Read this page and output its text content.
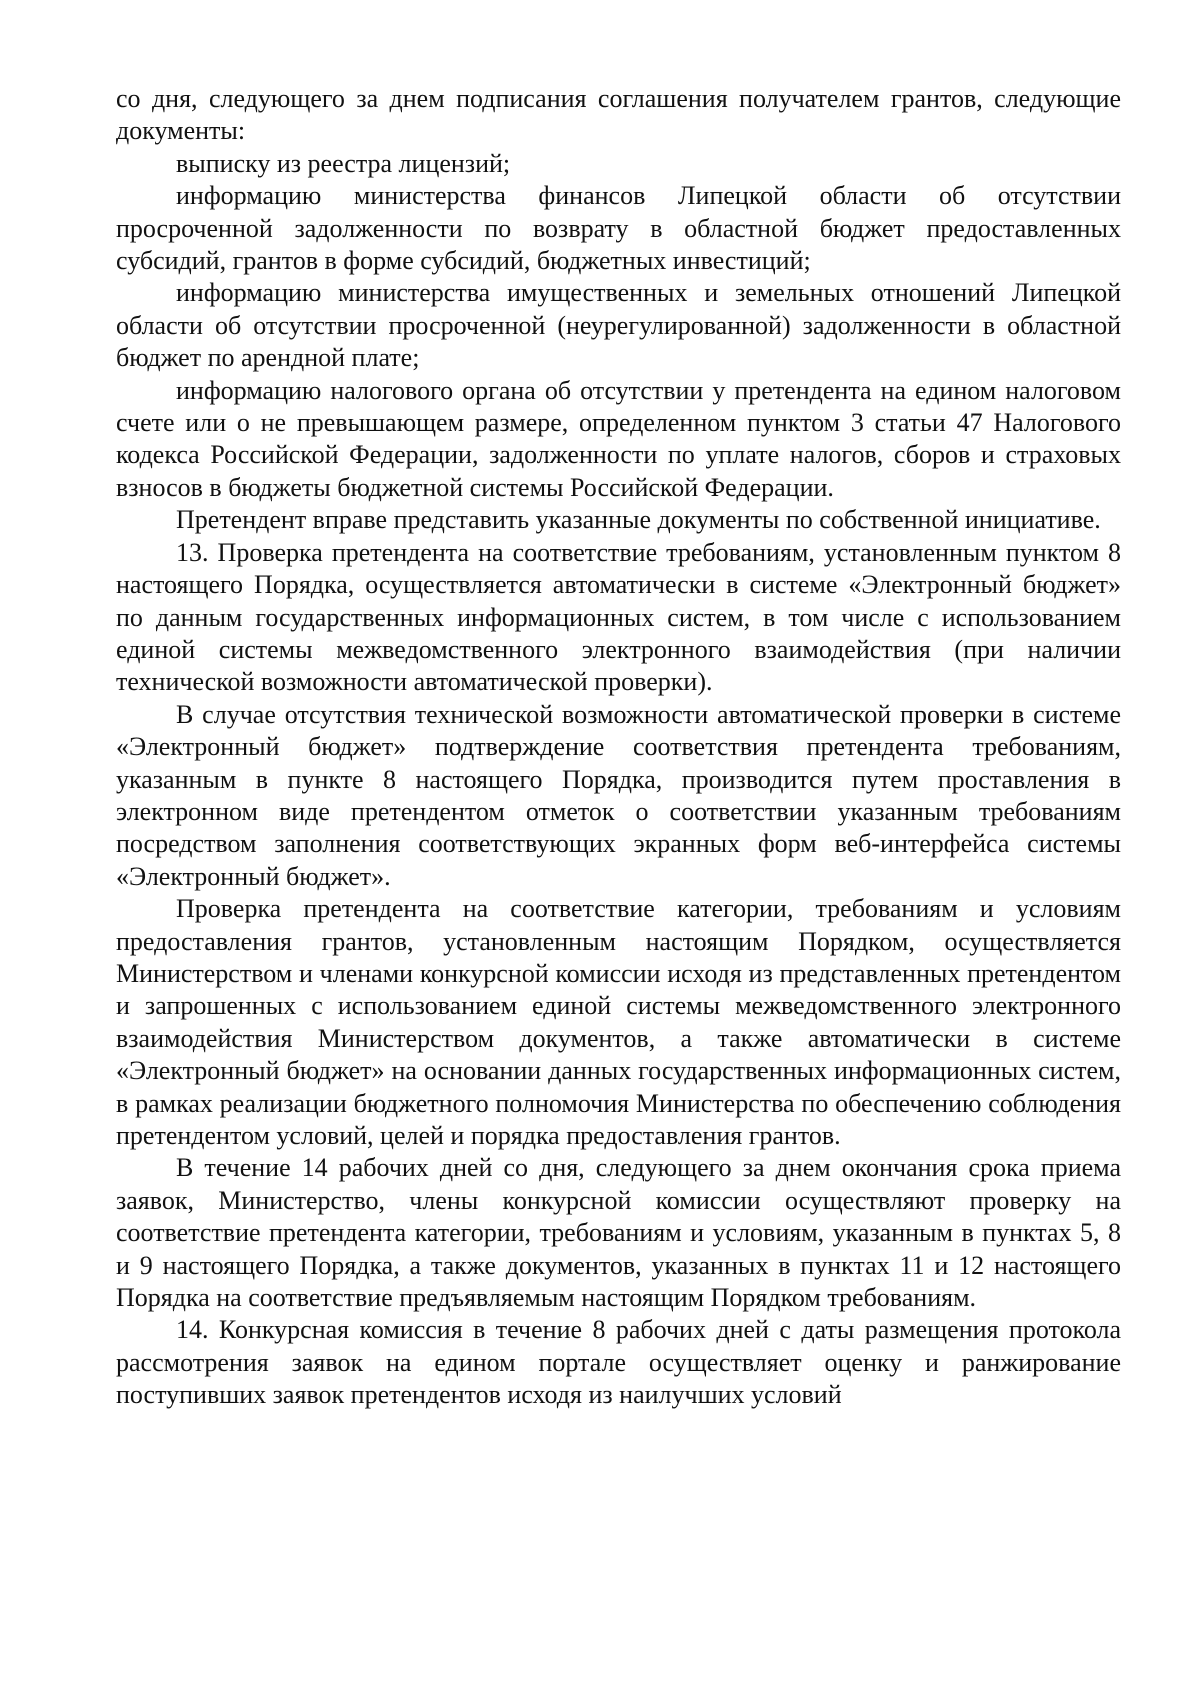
со дня, следующего за днем подписания соглашения получателем грантов, следующие документы:

выписку из реестра лицензий;

информацию министерства финансов Липецкой области об отсутствии просроченной задолженности по возврату в областной бюджет предоставленных субсидий, грантов в форме субсидий, бюджетных инвестиций;

информацию министерства имущественных и земельных отношений Липецкой области об отсутствии просроченной (неурегулированной) задолженности в областной бюджет по арендной плате;

информацию налогового органа об отсутствии у претендента на едином налоговом счете или о не превышающем размере, определенном пунктом 3 статьи 47 Налогового кодекса Российской Федерации, задолженности по уплате налогов, сборов и страховых взносов в бюджеты бюджетной системы Российской Федерации.

Претендент вправе представить указанные документы по собственной инициативе.

13. Проверка претендента на соответствие требованиям, установленным пунктом 8 настоящего Порядка, осуществляется автоматически в системе «Электронный бюджет» по данным государственных информационных систем, в том числе с использованием единой системы межведомственного электронного взаимодействия (при наличии технической возможности автоматической проверки).

В случае отсутствия технической возможности автоматической проверки в системе «Электронный бюджет» подтверждение соответствия претендента требованиям, указанным в пункте 8 настоящего Порядка, производится путем проставления в электронном виде претендентом отметок о соответствии указанным требованиям посредством заполнения соответствующих экранных форм веб-интерфейса системы «Электронный бюджет».

Проверка претендента на соответствие категории, требованиям и условиям предоставления грантов, установленным настоящим Порядком, осуществляется Министерством и членами конкурсной комиссии исходя из представленных претендентом и запрошенных с использованием единой системы межведомственного электронного взаимодействия Министерством документов, а также автоматически в системе «Электронный бюджет» на основании данных государственных информационных систем, в рамках реализации бюджетного полномочия Министерства по обеспечению соблюдения претендентом условий, целей и порядка предоставления грантов.

В течение 14 рабочих дней со дня, следующего за днем окончания срока приема заявок, Министерство, члены конкурсной комиссии осуществляют проверку на соответствие претендента категории, требованиям и условиям, указанным в пунктах 5, 8 и 9 настоящего Порядка, а также документов, указанных в пунктах 11 и 12 настоящего Порядка на соответствие предъявляемым настоящим Порядком требованиям.

14. Конкурсная комиссия в течение 8 рабочих дней с даты размещения протокола рассмотрения заявок на едином портале осуществляет оценку и ранжирование поступивших заявок претендентов исходя из наилучших условий
